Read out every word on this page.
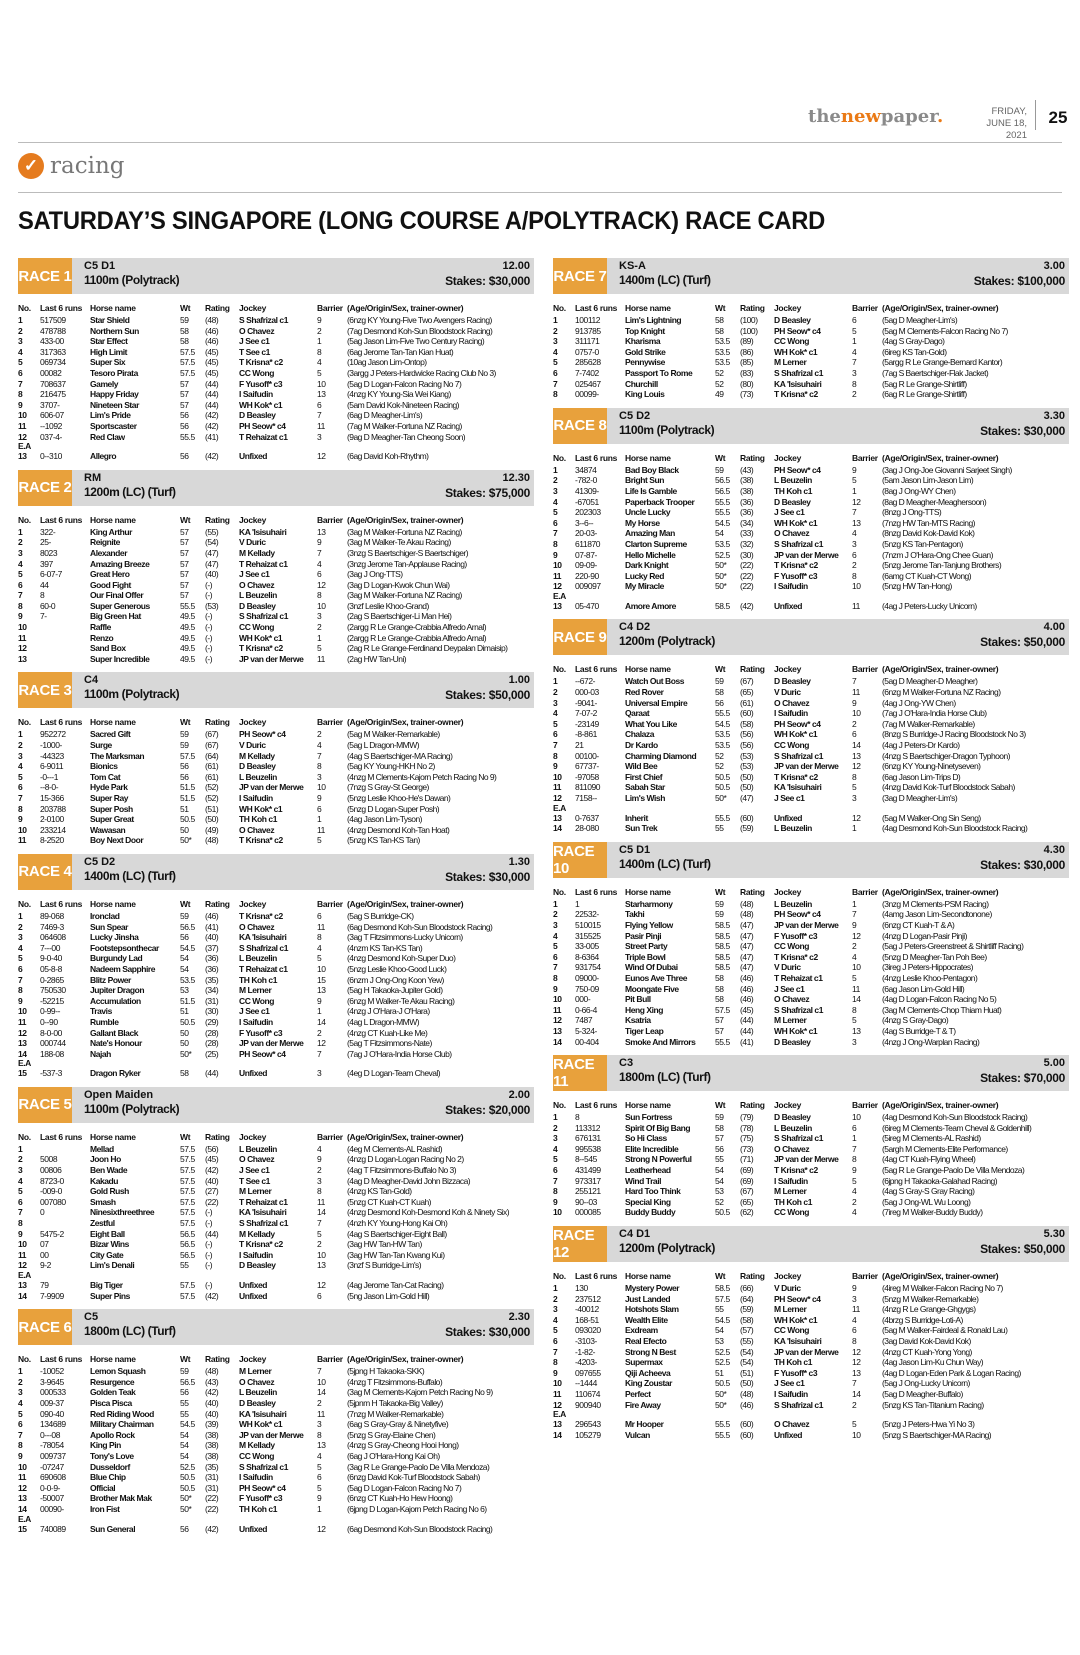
thenewpaper.	FRIDAY,
JUNE 18, 2021
25
✓ racing
SATURDAY’S SINGAPORE (LONG COURSE A/POLYTRACK) RACE CARD
RACE 1
C5 D1
1100m (Polytrack)
12.00
Stakes: $30,000
No.	Last 6 runs	Horse name	Wt	Rating	Jockey	Barrier	(Age/Origin/Sex, trainer-owner)
1	517509	Star Shield	59	(48)	S Shafrizal c1	9	(6nzg KY Young-Five Two Avengers Racing)
2	478788	Northern Sun	58	(46)	O Chavez	2	(7ag Desmond Koh-Sun Bloodstock Racing)
3	433-00	Star Effect	58	(46)	J See c1	1	(5ag Jason Lim-Five Two Century Racing)
4	317363	High Limit	57.5	(45)	T See c1	8	(6ag Jerome Tan-Tan Kian Huat)
5	069734	Super Six	57.5	(45)	T Krisna* c2	4	(10ag Jason Lim-Ontop)
6	00082	Tesoro Pirata	57.5	(45)	CC Wong	5	(3argg J Peters-Hardwicke Racing Club No 3)
7	708637	Gamely	57	(44)	F Yusoff* c3	10	(5ag D Logan-Falcon Racing No 7)
8	216475	Happy Friday	57	(44)	I Saifudin	13	(4nzg KY Young-Sia Wei Kiang)
9	3707-	Nineteen Star	57	(44)	WH Kok* c1	6	(5am David Kok-Nineteen Racing)
10	606-07	Lim's Pride	56	(42)	D Beasley	7	(6ag D Meagher-Lim's)
11	--1092	Sportscaster	56	(42)	PH Seow* c4	11	(7ag M Walker-Fortuna NZ Racing)
12	037-4-	Red Claw	55.5	(41)	T Rehaizat c1	3	(9ag D Meagher-Tan Cheong Soon)
E.A							
13	0--310	Allegro	56	(42)	Unfixed	12	(6ag David Koh-Rhythm)
RACE 2
RM
1200m (LC) (Turf)
12.30
Stakes: $75,000
No.	Last 6 runs	Horse name	Wt	Rating	Jockey	Barrier	(Age/Origin/Sex, trainer-owner)
1	322-	King Arthur	57	(55)	KA 'Isisuhairi	13	(3ag M Walker-Fortuna NZ Racing)
2	25-	Reignite	57	(54)	V Duric	9	(3ag M Walker-Te Akau Racing)
3	8023	Alexander	57	(47)	M Kellady	7	(3nzg S Baertschiger-S Baertschiger)
4	397	Amazing Breeze	57	(47)	T Rehaizat c1	4	(3nzg Jerome Tan-Applause Racing)
5	6-07-7	Great Hero	57	(40)	J See c1	6	(3ag J Ong-TTS)
6	44	Good Fight	57	(-)	O Chavez	12	(3ag D Logan-Kwok Chun Wai)
7	8	Our Final Offer	57	(-)	L Beuzelin	8	(3ag M Walker-Fortuna NZ Racing)
8	60-0	Super Generous	55.5	(53)	D Beasley	10	(3nzf Leslie Khoo-Grand)
9	7-	Big Green Hat	49.5	(-)	S Shafrizal c1	3	(2ag S Baertschiger-Li Man Hei)
10		Raffle	49.5	(-)	CC Wong	2	(2argg R Le Grange-Crabbia Alfredo Arnal)
11		Renzo	49.5	(-)	WH Kok* c1	1	(2argg R Le Grange-Crabbia Alfredo Arnal)
12		Sand Box	49.5	(-)	T Krisna* c2	5	(2ag R Le Grange-Ferdinand Deypalan Dimaisip)
13		Super Incredible	49.5	(-)	JP van der Merwe	11	(2ag HW Tan-Uni)
RACE 3
C4
1100m (Polytrack)
1.00
Stakes: $50,000
No.	Last 6 runs	Horse name	Wt	Rating	Jockey	Barrier	(Age/Origin/Sex, trainer-owner)
1	952272	Sacred Gift	59	(67)	PH Seow* c4	2	(5ag M Walker-Remarkable)
2	-1000-	Surge	59	(67)	V Duric	4	(5ag L Dragon-MMW)
3	-44323	The Marksman	57.5	(64)	M Kellady	7	(4ag S Baertschiger-MA Racing)
4	6-9011	Bionics	56	(61)	D Beasley	8	(5ag KY Young-HKH No 2)
5	-0---1	Tom Cat	56	(61)	L Beuzelin	3	(4nzg M Clements-Kajorn Petch Racing No 9)
6	--8-0-	Hyde Park	51.5	(52)	JP van der Merwe	10	(7nzg S Gray-St George)
7	15-366	Super Ray	51.5	(52)	I Saifudin	9	(5nzg Leslie Khoo-He's Dawan)
8	203788	Super Posh	51	(51)	WH Kok* c1	6	(5nzg D Logan-Super Posh)
9	2-0100	Super Great	50.5	(50)	TH Koh c1	1	(4ag Jason Lim-Tyson)
10	233214	Wawasan	50	(49)	O Chavez	11	(4nzg Desmond Koh-Tan Hoat)
11	8-2520	Boy Next Door	50*	(48)	T Krisna* c2	5	(5nzg KS Tan-KS Tan)
RACE 4
C5 D2
1400m (LC) (Turf)
1.30
Stakes: $30,000
No.	Last 6 runs	Horse name	Wt	Rating	Jockey	Barrier	(Age/Origin/Sex, trainer-owner)
1	89-068	Ironclad	59	(46)	T Krisna* c2	6	(5ag S Burridge-CK)
2	7469-3	Sun Spear	56.5	(41)	O Chavez	11	(6ag Desmond Koh-Sun Bloodstock Racing)
3	064608	Lucky Jinsha	56	(40)	KA 'Isisuhairi	8	(3ag T Fitzsimmons-Lucky Unicorn)
4	7---00	Footstepsonthecar	54.5	(37)	S Shafrizal c1	4	(4nzm KS Tan-KS Tan)
5	9-0-40	Burgundy Lad	54	(36)	L Beuzelin	5	(4nzg Desmond Koh-Super Duo)
6	05-8-8	Nadeem Sapphire	54	(36)	T Rehaizat c1	10	(5nzg Leslie Khoo-Good Luck)
7	0-2865	Blitz Power	53.5	(35)	TH Koh c1	15	(6nzm J Ong-Ong Koon Yew)
8	750530	Jupiter Dragon	53	(34)	M Lerner	13	(5ag H Takaoka-Jupiter Gold)
9	-52215	Accumulation	51.5	(31)	CC Wong	9	(6nzg M Walker-Te Akau Racing)
10	0-99--	Travis	51	(30)	J See c1	1	(4nzg J O'Hara-J O'Hara)
11	0--90	Rumble	50.5	(29)	I Saifudin	14	(4ag L Dragon-MMW)
12	8-0-00	Gallant Black	50	(28)	F Yusoff* c3	2	(4nzg CT Kuah-Like Me)
13	000744	Nate's Honour	50	(28)	JP van der Merwe	12	(5ag T Fitzsimmons-Nate)
14	188-08	Najah	50*	(25)	PH Seow* c4	7	(7ag J O'Hara-India Horse Club)
E.A							
15	-537-3	Dragon Ryker	58	(44)	Unfixed	3	(4eg D Logan-Team Cheval)
RACE 5
Open Maiden
1100m (Polytrack)
2.00
Stakes: $20,000
No.	Last 6 runs	Horse name	Wt	Rating	Jockey	Barrier	(Age/Origin/Sex, trainer-owner)
1		Mellad	57.5	(56)	L Beuzelin	4	(4eg M Clements-AL Rashid)
2	5008	Joon Ho	57.5	(45)	O Chavez	9	(4nzg D Logan-Logan Racing No 2)
3	00806	Ben Wade	57.5	(42)	J See c1	2	(4ag T Fitzsimmons-Buffalo No 3)
4	8723-0	Kakadu	57.5	(40)	T See c1	3	(4ag D Meagher-David John Bizzaca)
5	-009-0	Gold Rush	57.5	(27)	M Lerner	8	(4nzg KS Tan-Gold)
6	007080	Smash	57.5	(22)	T Rehaizat c1	11	(5nzg CT Kuah-CT Kuah)
7	0	Ninesixthreethree	57.5	(-)	KA 'Isisuhairi	14	(4nzg Desmond Koh-Desmond Koh & Ninety Six)
8		Zestful	57.5	(-)	S Shafrizal c1	7	(4nzh KY Young-Hong Kai Oh)
9	5475-2	Eight Ball	56.5	(44)	M Kellady	5	(4ag S Baertschiger-Eight Ball)
10	07	Bizar Wins	56.5	(-)	T Krisna* c2	2	(3ag HW Tan-HW Tan)
11	00	City Gate	56.5	(-)	I Saifudin	10	(3ag HW Tan-Tan Kwang Kui)
12	9-2	Lim's Denali	55	(-)	D Beasley	13	(3nzf S Burridge-Lim's)
E.A							
13	79	Big Tiger	57.5	(-)	Unfixed	12	(4ag Jerome Tan-Cat Racing)
14	7-9909	Super Pins	57.5	(42)	Unfixed	6	(5ng Jason Lim-Gold Hill)
RACE 6
C5
1800m (LC) (Turf)
2.30
Stakes: $30,000
No.	Last 6 runs	Horse name	Wt	Rating	Jockey	Barrier	(Age/Origin/Sex, trainer-owner)
1	-10052	Lemon Squash	59	(48)	M Lerner	7	(5jpng H Takaoka-SKK)
2	3-9645	Resurgence	56.5	(43)	O Chavez	10	(4nzg T Fitzsimmons-Buffalo)
3	000533	Golden Teak	56	(42)	L Beuzelin	14	(3ag M Clements-Kajorn Petch Racing No 9)
4	009-37	Pisca Pisca	55	(40)	D Beasley	2	(5jpnm H Takaoka-Big Valley)
5	090-40	Red Riding Wood	55	(40)	KA 'Isisuhairi	11	(7nzg M Walker-Remarkable)
6	134689	Military Chairman	54.5	(39)	WH Kok* c1	3	(6ag S Gray-Gray & Ninetyfive)
7	0---08	Apollo Rock	54	(38)	JP van der Merwe	8	(5nzg S Gray-Elaine Chen)
8	-78054	King Pin	54	(38)	M Kellady	13	(4nzg S Gray-Cheong Hooi Hong)
9	009737	Tony's Love	54	(38)	CC Wong	4	(6ag J O'Hara-Hong Kai Oh)
10	-07247	Dusseldorf	52.5	(35)	S Shafrizal c1	5	(3ag R Le Grange-Paolo De Villa Mendoza)
11	690608	Blue Chip	50.5	(31)	I Saifudin	6	(6nzg David Kok-Turf Bloodstock Sabah)
12	0-0-9-	Official	50.5	(31)	PH Seow* c4	5	(5ag D Logan-Falcon Racing No 7)
13	-50007	Brother Mak Mak	50*	(22)	F Yusoff* c3	9	(6nzg CT Kuah-Ho Hew Hoong)
14	00090-	Iron Fist	50*	(22)	TH Koh c1	1	(6jpng D Logan-Kajorn Petch Racing No 6)
E.A							
15	740089	Sun General	56	(42)	Unfixed	12	(6ag Desmond Koh-Sun Bloodstock Racing)
RACE 7
KS-A
1400m (LC) (Turf)
3.00
Stakes: $100,000
No.	Last 6 runs	Horse name	Wt	Rating	Jockey	Barrier	(Age/Origin/Sex, trainer-owner)
1	100112	Lim's Lightning	58	(100)	D Beasley	6	(5ag D Meagher-Lim's)
2	913785	Top Knight	58	(100)	PH Seow* c4	5	(5ag M Clements-Falcon Racing No 7)
3	311171	Kharisma	53.5	(89)	CC Wong	1	(4ag S Gray-Dago)
4	0757-0	Gold Strike	53.5	(86)	WH Kok* c1	4	(6ireg KS Tan-Gold)
5	285628	Pennywise	53.5	(85)	M Lerner	7	(5argg R Le Grange-Bernard Kantor)
6	7-7402	Passport To Rome	52	(83)	S Shafrizal c1	3	(7ag S Baertschiger-Flak Jacket)
7	025467	Churchill	52	(80)	KA 'Isisuhairi	8	(5ag R Le Grange-Shirtliff)
8	00099-	King Louis	49	(73)	T Krisna* c2	2	(6ag R Le Grange-Shirtliff)
RACE 8
C5 D2
1100m (Polytrack)
3.30
Stakes: $30,000
No.	Last 6 runs	Horse name	Wt	Rating	Jockey	Barrier	(Age/Origin/Sex, trainer-owner)
1	34874	Bad Boy Black	59	(43)	PH Seow* c4	9	(3ag J Ong-Joe Giovanni Sarjeet Singh)
2	-782-0	Bright Sun	56.5	(38)	L Beuzelin	5	(5am Jason Lim-Jason Lim)
3	41309-	Life Is Gamble	56.5	(38)	TH Koh c1	1	(8ag J Ong-WY Chen)
4	-67051	Paperback Trooper	55.5	(36)	D Beasley	12	(8ag D Meagher-Meaghersoon)
5	202303	Uncle Lucky	55.5	(36)	J See c1	7	(8nzg J Ong-TTS)
6	3--6--	My Horse	54.5	(34)	WH Kok* c1	13	(7nzg HW Tan-MTS Racing)
7	20-03-	Amazing Man	54	(33)	O Chavez	4	(8nzg David Kok-David Kok)
8	611870	Clarton Supreme	53.5	(32)	S Shafrizal c1	3	(5nzg KS Tan-Pentagon)
9	07-87-	Hello Michelle	52.5	(30)	JP van der Merwe	6	(7nzm J O'Hara-Ong Chee Guan)
10	09-09-	Dark Knight	50*	(22)	T Krisna* c2	2	(5nzg Jerome Tan-Tanjung Brothers)
11	220-90	Lucky Red	50*	(22)	F Yusoff* c3	8	(6amg CT Kuah-CT Wong)
12	009097	My Miracle	50*	(22)	I Saifudin	10	(5nzg HW Tan-Hong)
E.A							
13	05-470	Amore Amore	58.5	(42)	Unfixed	11	(4ag J Peters-Lucky Unicorn)
RACE 9
C4 D2
1200m (Polytrack)
4.00
Stakes: $50,000
No.	Last 6 runs	Horse name	Wt	Rating	Jockey	Barrier	(Age/Origin/Sex, trainer-owner)
1	--672-	Watch Out Boss	59	(67)	D Beasley	7	(5ag D Meagher-D Meagher)
2	000-03	Red Rover	58	(65)	V Duric	11	(6nzg M Walker-Fortuna NZ Racing)
3	-9041-	Universal Empire	56	(61)	O Chavez	9	(4ag J Ong-YW Chen)
4	7-07-2	Qaraat	55.5	(60)	I Saifudin	10	(7ag J O'Hara-India Horse Club)
5	-23149	What You Like	54.5	(58)	PH Seow* c4	2	(7ag M Walker-Remarkable)
6	-8-861	Chalaza	53.5	(56)	WH Kok* c1	6	(8nzg S Burridge-J Racing Bloodstock No 3)
7	21	Dr Kardo	53.5	(56)	CC Wong	14	(4ag J Peters-Dr Kardo)
8	00100-	Charming Diamond	52	(53)	S Shafrizal c1	13	(4nzg S Baertschiger-Dragon Typhoon)
9	67737-	Wild Bee	52	(53)	JP van der Merwe	12	(6nzg KY Young-Ninetyseven)
10	-97058	First Chief	50.5	(50)	T Krisna* c2	8	(6ag Jason Lim-Trips D)
11	811090	Sabah Star	50.5	(50)	KA 'Isisuhairi	5	(4nzg David Kok-Turf Bloodstock Sabah)
12	7158--	Lim's Wish	50*	(47)	J See c1	3	(3ag D Meagher-Lim's)
E.A							
13	0-7637	Inherit	55.5	(60)	Unfixed	12	(5ag M Walker-Ong Sin Seng)
14	28-080	Sun Trek	55	(59)	L Beuzelin	1	(4ag Desmond Koh-Sun Bloodstock Racing)
RACE 10
C5 D1
1400m (LC) (Turf)
4.30
Stakes: $30,000
No.	Last 6 runs	Horse name	Wt	Rating	Jockey	Barrier	(Age/Origin/Sex, trainer-owner)
1	1	Starharmony	59	(48)	L Beuzelin	1	(3nzg M Clements-PSM Racing)
2	22532-	Takhi	59	(48)	PH Seow* c4	7	(4amg Jason Lim-Secondtonone)
3	510015	Flying Yellow	58.5	(47)	JP van der Merwe	9	(6nzg CT Kuah-T & A)
4	315525	Pasir Pinji	58.5	(47)	F Yusoff* c3	12	(4nzg D Logan-Pasir Pinji)
5	33-005	Street Party	58.5	(47)	CC Wong	2	(5ag J Peters-Greenstreet & Shirtliff Racing)
6	8-6364	Triple Bowl	58.5	(47)	T Krisna* c2	4	(5nzg D Meagher-Tan Poh Bee)
7	931754	Wind Of Dubai	58.5	(47)	V Duric	10	(3ireg J Peters-Hippocrates)
8	09000-	Eunos Ave Three	58	(46)	T Rehaizat c1	5	(4nzg Leslie Khoo-Pentagon)
9	750-09	Moongate Five	58	(46)	J See c1	11	(6ag Jason Lim-Gold Hill)
10	000-	Pit Bull	58	(46)	O Chavez	14	(4ag D Logan-Falcon Racing No 5)
11	0-66-4	Heng Xing	57.5	(45)	S Shafrizal c1	8	(3ag M Clements-Chop Thiam Huat)
12	7487	Ksatria	57	(44)	M Lerner	5	(4nzg S Gray-Dago)
13	5-324-	Tiger Leap	57	(44)	WH Kok* c1	13	(4ag S Burridge-T & T)
14	00-404	Smoke And Mirrors	55.5	(41)	D Beasley	3	(4nzg J Ong-Warplan Racing)
RACE 11
C3
1800m (LC) (Turf)
5.00
Stakes: $70,000
No.	Last 6 runs	Horse name	Wt	Rating	Jockey	Barrier	(Age/Origin/Sex, trainer-owner)
1	8	Sun Fortress	59	(79)	D Beasley	10	(4ag Desmond Koh-Sun Bloodstock Racing)
2	113312	Spirit Of Big Bang	58	(78)	L Beuzelin	6	(6ireg M Clements-Team Cheval & Goldenhill)
3	676131	So Hi Class	57	(75)	S Shafrizal c1	1	(5ireg M Clements-AL Rashid)
4	995538	Elite Incredible	56	(73)	O Chavez	7	(5argh M Clements-Elite Performance)
5	8--545	Strong N Powerful	55	(71)	JP van der Merwe	8	(4ag CT Kuah-Flying Wheel)
6	431499	Leatherhead	54	(69)	T Krisna* c2	9	(5ag R Le Grange-Paolo De Villa Mendoza)
7	973317	Wind Trail	54	(69)	I Saifudin	5	(6jpng H Takaoka-Galahad Racing)
8	255121	Hard Too Think	53	(67)	M Lerner	4	(4ag S Gray-S Gray Racing)
9	90--03	Special King	52	(65)	TH Koh c1	2	(5ag J Ong-WL Wu Loong)
10	000085	Buddy Buddy	50.5	(62)	CC Wong	4	(7ireg M Walker-Buddy Buddy)
RACE 12
C4 D1
1200m (Polytrack)
5.30
Stakes: $50,000
No.	Last 6 runs	Horse name	Wt	Rating	Jockey	Barrier	(Age/Origin/Sex, trainer-owner)
1	130	Mystery Power	58.5	(66)	V Duric	9	(4ireg M Walker-Falcon Racing No 7)
2	237512	Just Landed	57.5	(64)	PH Seow* c4	3	(5nzg M Walker-Remarkable)
3	-40012	Hotshots Slam	55	(59)	M Lerner	11	(4nzg R Le Grange-Ghgygs)
4	168-51	Wealth Elite	54.5	(58)	WH Kok* c1	4	(4brzg S Burridge-Loti-A)
5	093020	Exdream	54	(57)	CC Wong	6	(5ag M Walker-Fairdeal & Ronald Lau)
6	-3103-	Real Efecto	53	(55)	KA 'Isisuhairi	8	(3ag David Kok-David Kok)
7	-1-82-	Strong N Best	52.5	(54)	JP van der Merwe	12	(4nzg CT Kuah-Yong Yong)
8	-4203-	Supermax	52.5	(54)	TH Koh c1	12	(4ag Jason Lim-Ku Chun Way)
9	097655	Qiji Acheeva	51	(51)	F Yusoff* c3	13	(4ag D Logan-Eden Park & Logan Racing)
10	--1444	King Zoustar	50.5	(50)	J See c1	7	(5ag J Ong-Lucky Unicorn)
11	110674	Perfect	50*	(48)	I Saifudin	14	(5ag D Meagher-Buffalo)
12	900940	Fire Away	50*	(46)	S Shafrizal c1	2	(5nzg KS Tan-Titanium Racing)
E.A							
13	296543	Mr Hooper	55.5	(60)	O Chavez	5	(5nzg J Peters-Hwa Yi No 3)
14	105279	Vulcan	55.5	(60)	Unfixed	10	(5nzg S Baertschiger-MA Racing)
